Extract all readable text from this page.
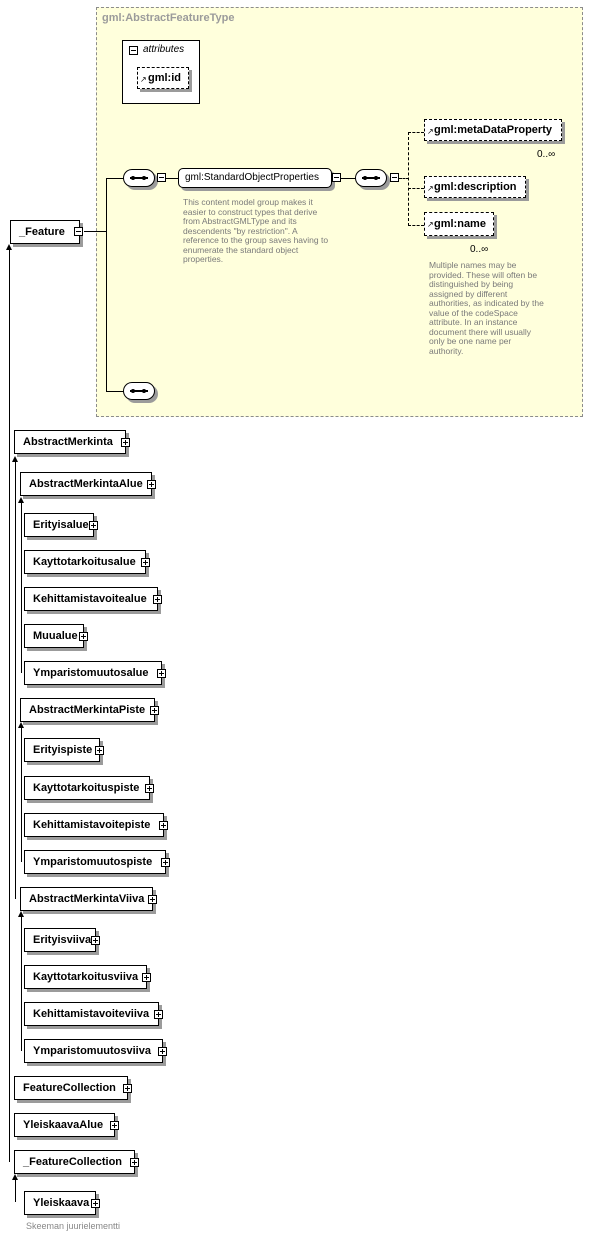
gml:AbstractFeatureType
attributes
↗ gml:id
_Feature
gml:StandardObjectProperties
This content model group makes it easier to construct types that derive from AbstractGMLType and its descendents "by restriction". A reference to the group saves having to enumerate the standard object properties.
↗ gml:metaDataProperty
0..∞
↗ gml:description
↗ gml:name
0..∞
Multiple names may be provided. These will often be distinguished by being assigned by different authorities, as indicated by the value of the codeSpace attribute. In an instance document there will usually only be one name per authority.
AbstractMerkinta
AbstractMerkintaAlue
Erityisalue
Kayttotarkoitusalue
Kehittamistavoitealue
Muualue
Ymparistomuutosalue
AbstractMerkintaPiste
Erityispiste
Kayttotarkoituspiste
Kehittamistavoitepiste
Ymparistomuutospiste
AbstractMerkintaViiva
Erityisviiva
Kayttotarkoitusviiva
Kehittamistavoiteviiva
Ymparistomuutosviiva
FeatureCollection
YleiskaavaAlue
_FeatureCollection
Yleiskaava
Skeeman juurielementti
